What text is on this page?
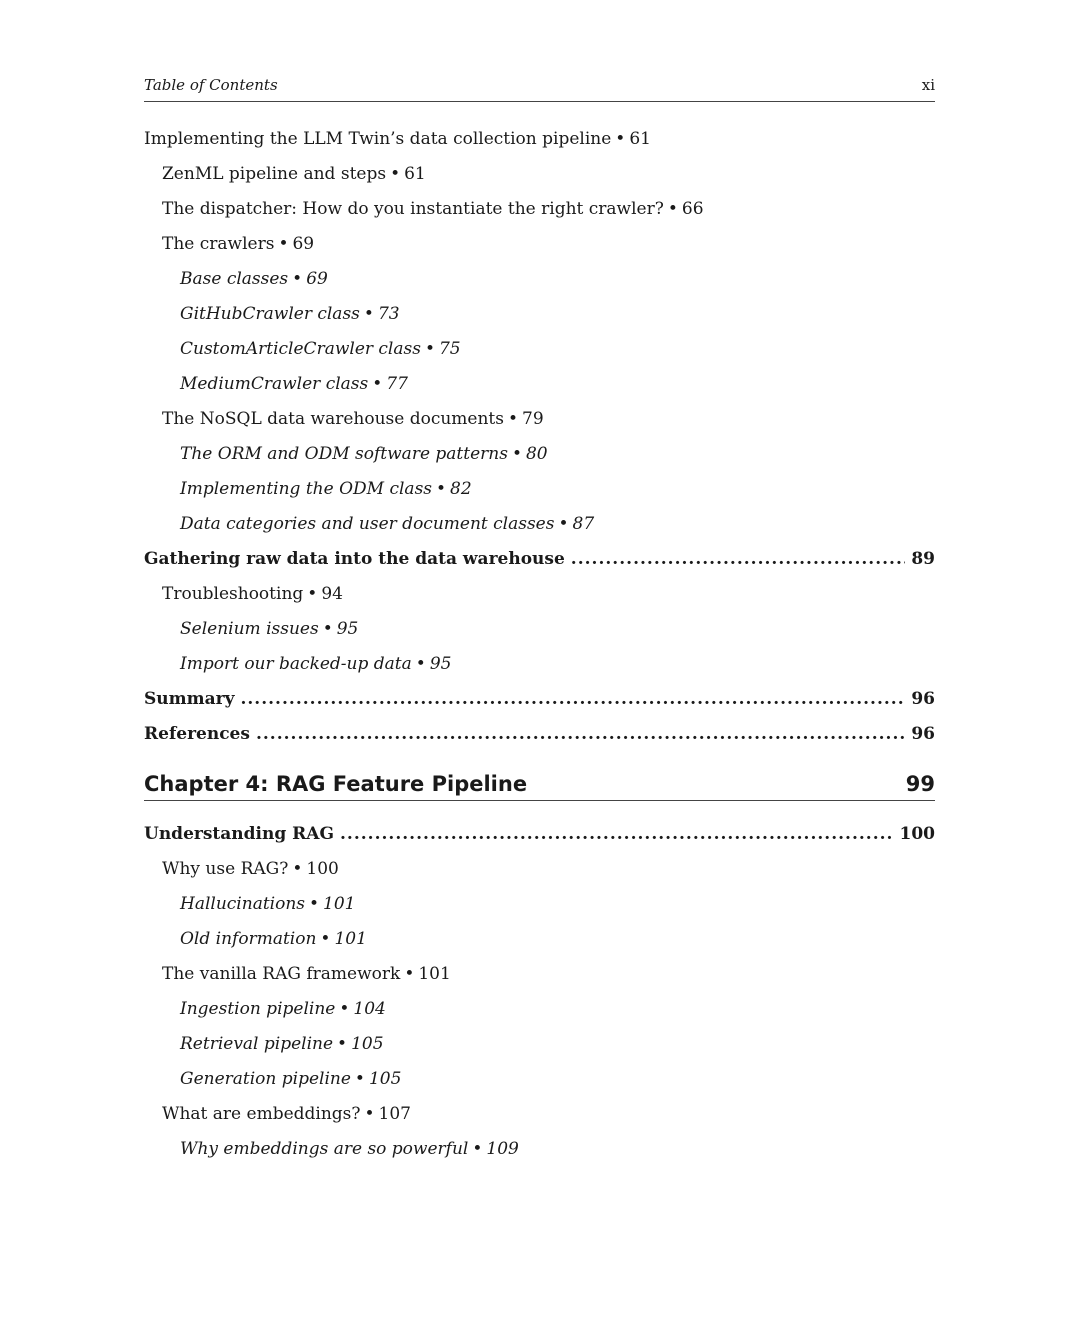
Table of Contents	xi
Implementing the LLM Twin’s data collection pipeline • 61
ZenML pipeline and steps • 61
The dispatcher: How do you instantiate the right crawler? • 66
The crawlers • 69
Base classes • 69
GitHubCrawler class • 73
CustomArticleCrawler class • 75
MediumCrawler class • 77
The NoSQL data warehouse documents • 79
The ORM and ODM software patterns • 80
Implementing the ODM class • 82
Data categories and user document classes • 87
Gathering raw data into the data warehouse .....	89
Troubleshooting • 94
Selenium issues • 95
Import our backed-up data • 95
Summary .....	96
References .....	96
Chapter 4: RAG Feature Pipeline	99
Understanding RAG .....	100
Why use RAG? • 100
Hallucinations • 101
Old information • 101
The vanilla RAG framework • 101
Ingestion pipeline • 104
Retrieval pipeline • 105
Generation pipeline • 105
What are embeddings? • 107
Why embeddings are so powerful • 109
